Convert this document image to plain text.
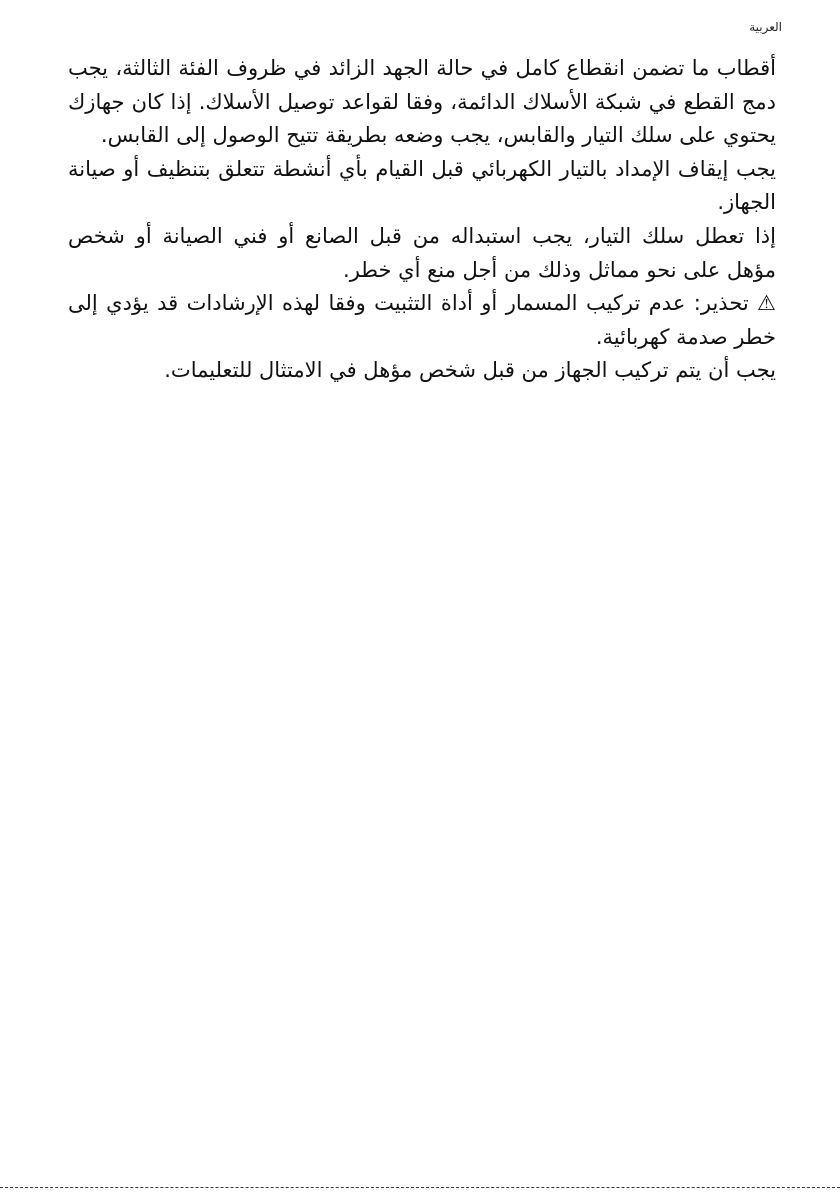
العربية

أقطاب ما تضمن انقطاع كامل في حالة الجهد الزائد في ظروف الفئة الثالثة، يجب دمج القطع في شبكة الأسلاك الدائمة، وفقا لقواعد توصيل الأسلاك. إذا كان جهازك يحتوي على سلك التيار والقابس، يجب وضعه بطريقة تتيح الوصول إلى القابس.

يجب إيقاف الإمداد بالتيار الكهربائي قبل القيام بأي أنشطة تتعلق بتنظيف أو صيانة الجهاز.

إذا تعطل سلك التيار، يجب استبداله من قبل الصانع أو فني الصيانة أو شخص مؤهل على نحو مماثل وذلك من أجل منع أي خطر.

⚠ تحذير: عدم تركيب المسمار أو أداة التثبيت وفقا لهذه الإرشادات قد يؤدي إلى خطر صدمة كهربائية.

يجب أن يتم تركيب الجهاز من قبل شخص مؤهل في الامتثال للتعليمات.
